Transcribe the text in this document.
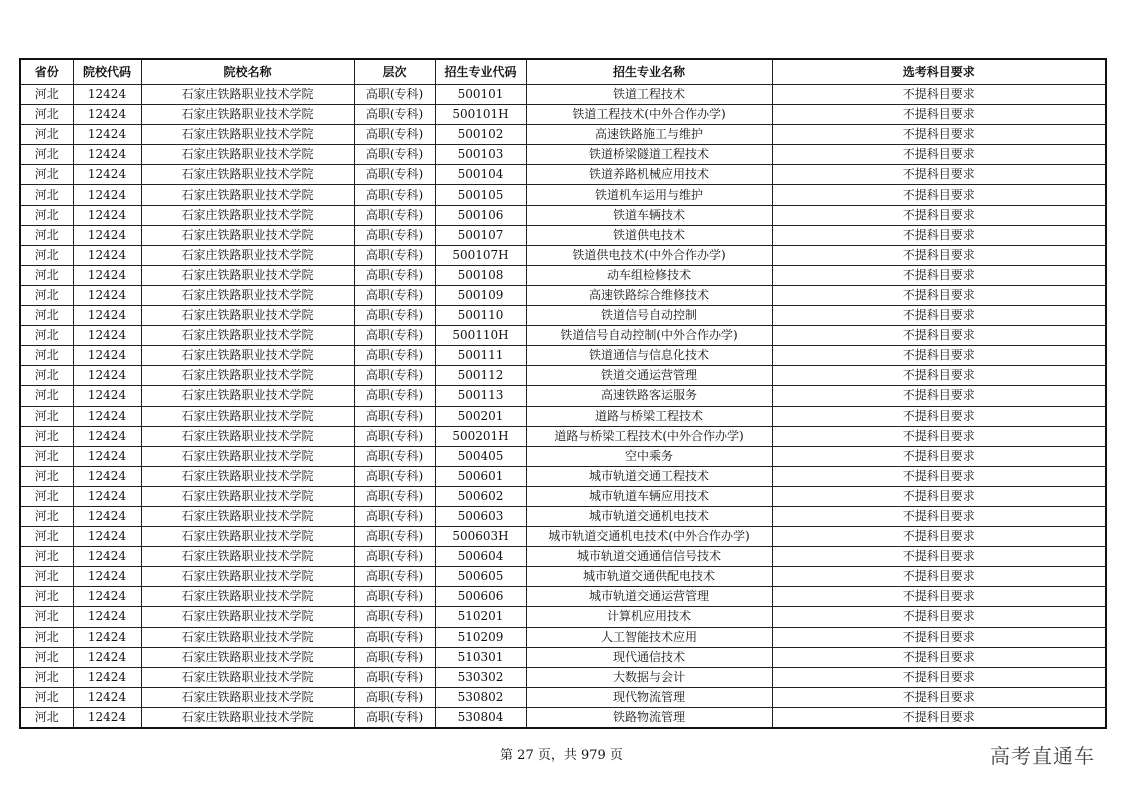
省份	院校代码	院校名称	层次	招生专业代码	招生专业名称	选考科目要求
河北	12424	石家庄铁路职业技术学院	高职(专科)	500101	铁道工程技术	不提科目要求
河北	12424	石家庄铁路职业技术学院	高职(专科)	500101H	铁道工程技术(中外合作办学)	不提科目要求
河北	12424	石家庄铁路职业技术学院	高职(专科)	500102	高速铁路施工与维护	不提科目要求
河北	12424	石家庄铁路职业技术学院	高职(专科)	500103	铁道桥梁隧道工程技术	不提科目要求
河北	12424	石家庄铁路职业技术学院	高职(专科)	500104	铁道养路机械应用技术	不提科目要求
河北	12424	石家庄铁路职业技术学院	高职(专科)	500105	铁道机车运用与维护	不提科目要求
河北	12424	石家庄铁路职业技术学院	高职(专科)	500106	铁道车辆技术	不提科目要求
河北	12424	石家庄铁路职业技术学院	高职(专科)	500107	铁道供电技术	不提科目要求
河北	12424	石家庄铁路职业技术学院	高职(专科)	500107H	铁道供电技术(中外合作办学)	不提科目要求
河北	12424	石家庄铁路职业技术学院	高职(专科)	500108	动车组检修技术	不提科目要求
河北	12424	石家庄铁路职业技术学院	高职(专科)	500109	高速铁路综合维修技术	不提科目要求
河北	12424	石家庄铁路职业技术学院	高职(专科)	500110	铁道信号自动控制	不提科目要求
河北	12424	石家庄铁路职业技术学院	高职(专科)	500110H	铁道信号自动控制(中外合作办学)	不提科目要求
河北	12424	石家庄铁路职业技术学院	高职(专科)	500111	铁道通信与信息化技术	不提科目要求
河北	12424	石家庄铁路职业技术学院	高职(专科)	500112	铁道交通运营管理	不提科目要求
河北	12424	石家庄铁路职业技术学院	高职(专科)	500113	高速铁路客运服务	不提科目要求
河北	12424	石家庄铁路职业技术学院	高职(专科)	500201	道路与桥梁工程技术	不提科目要求
河北	12424	石家庄铁路职业技术学院	高职(专科)	500201H	道路与桥梁工程技术(中外合作办学)	不提科目要求
河北	12424	石家庄铁路职业技术学院	高职(专科)	500405	空中乘务	不提科目要求
河北	12424	石家庄铁路职业技术学院	高职(专科)	500601	城市轨道交通工程技术	不提科目要求
河北	12424	石家庄铁路职业技术学院	高职(专科)	500602	城市轨道车辆应用技术	不提科目要求
河北	12424	石家庄铁路职业技术学院	高职(专科)	500603	城市轨道交通机电技术	不提科目要求
河北	12424	石家庄铁路职业技术学院	高职(专科)	500603H	城市轨道交通机电技术(中外合作办学)	不提科目要求
河北	12424	石家庄铁路职业技术学院	高职(专科)	500604	城市轨道交通通信信号技术	不提科目要求
河北	12424	石家庄铁路职业技术学院	高职(专科)	500605	城市轨道交通供配电技术	不提科目要求
河北	12424	石家庄铁路职业技术学院	高职(专科)	500606	城市轨道交通运营管理	不提科目要求
河北	12424	石家庄铁路职业技术学院	高职(专科)	510201	计算机应用技术	不提科目要求
河北	12424	石家庄铁路职业技术学院	高职(专科)	510209	人工智能技术应用	不提科目要求
河北	12424	石家庄铁路职业技术学院	高职(专科)	510301	现代通信技术	不提科目要求
河北	12424	石家庄铁路职业技术学院	高职(专科)	530302	大数据与会计	不提科目要求
河北	12424	石家庄铁路职业技术学院	高职(专科)	530802	现代物流管理	不提科目要求
河北	12424	石家庄铁路职业技术学院	高职(专科)	530804	铁路物流管理	不提科目要求
第 27 页，共 979 页	高考直通车
